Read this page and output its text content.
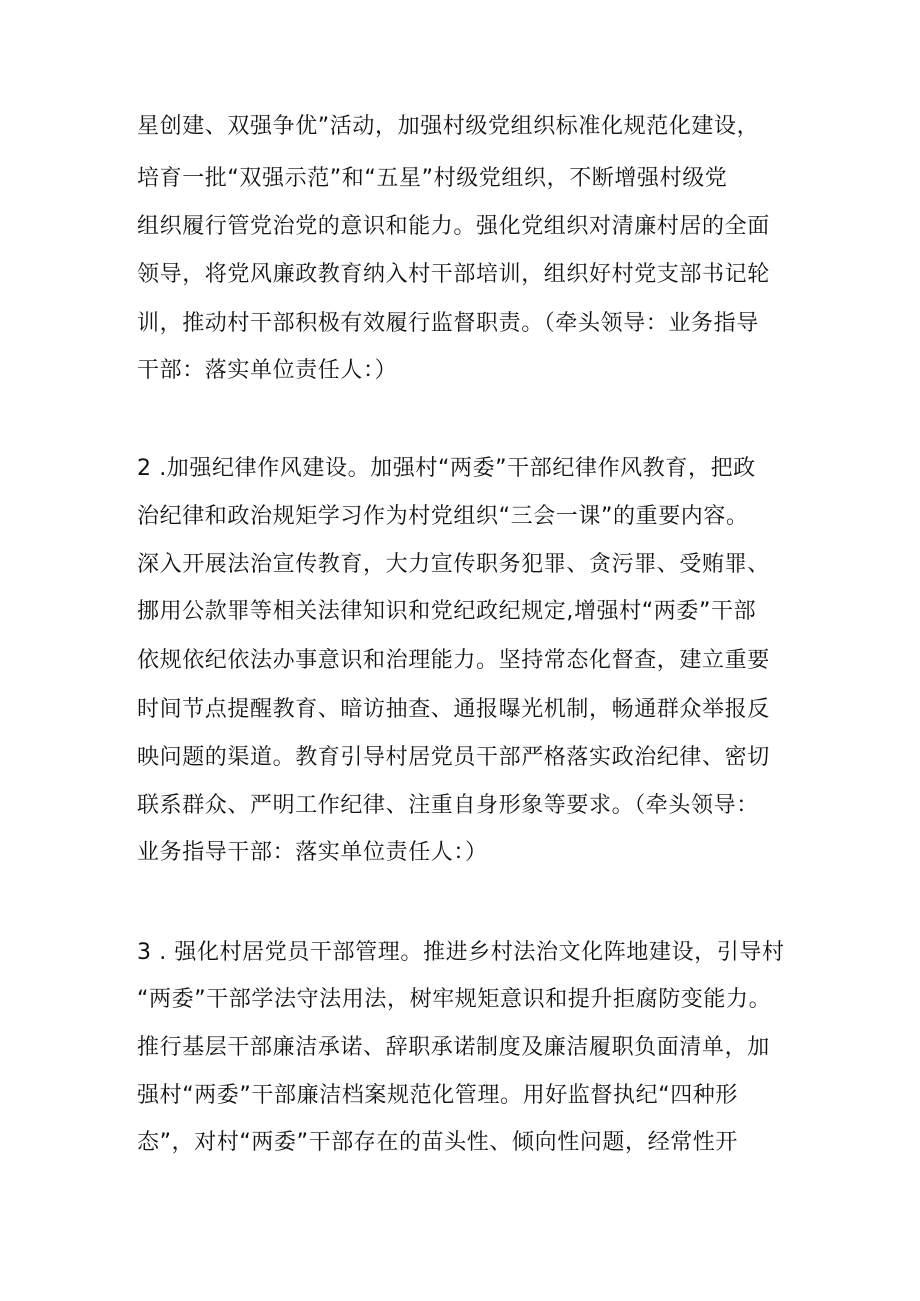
星创建、双强争优”活动，加强村级党组织标准化规范化建设，
培育一批“双强示范”和“五星”村级党组织，不断增强村级党
组织履行管党治党的意识和能力。强化党组织对清廉村居的全面
领导，将党风廉政教育纳入村干部培训，组织好村党支部书记轮
训，推动村干部积极有效履行监督职责。（牵头领导：业务指导
干部：落实单位责任人：）
2 .加强纪律作风建设。加强村“两委”干部纪律作风教育，把政
治纪律和政治规矩学习作为村党组织“三会一课”的重要内容。
深入开展法治宣传教育，大力宣传职务犯罪、贪污罪、受贿罪、
挪用公款罪等相关法律知识和党纪政纪规定,增强村“两委”干部
依规依纪依法办事意识和治理能力。坚持常态化督查，建立重要
时间节点提醒教育、暗访抽查、通报曝光机制，畅通群众举报反
映问题的渠道。教育引导村居党员干部严格落实政治纪律、密切
联系群众、严明工作纪律、注重自身形象等要求。（牵头领导：
业务指导干部：落实单位责任人：）
3 . 强化村居党员干部管理。推进乡村法治文化阵地建设，引导村
“两委”干部学法守法用法，树牢规矩意识和提升拒腐防变能力。
推行基层干部廉洁承诺、辞职承诺制度及廉洁履职负面清单，加
强村“两委”干部廉洁档案规范化管理。用好监督执纪“四种形
态”，对村“两委”干部存在的苗头性、倾向性问题，经常性开
